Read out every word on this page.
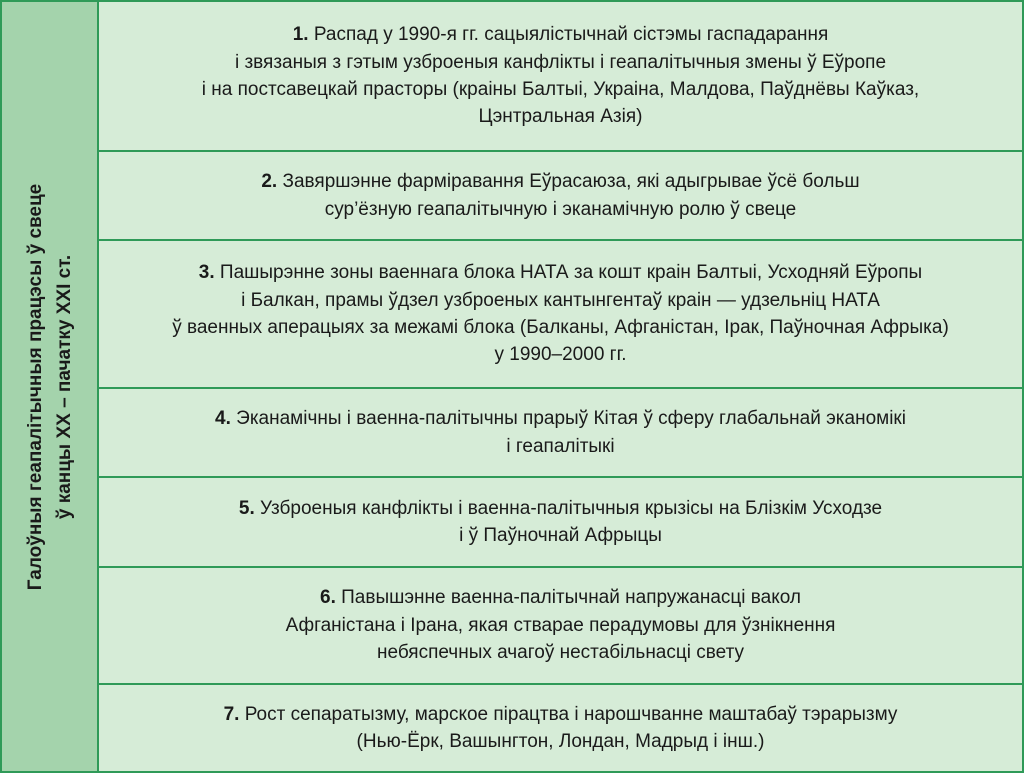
Галоўныя геапалітычныя працэсы ў свеце ў канцы XX – пачатку XXI ст.
1. Распад у 1990-я гг. сацыялістычнай сістэмы гаспадарання
і звязаныя з гэтым узброеныя канфлікты і геапалітычныя змены ў Еўропе
і на постсавецкай прасторы (краіны Балтыі, Украіна, Малдова, Паўднёвы Каўказ,
Цэнтральная Азія)
2. Завяршэнне фарміравання Еўрасаюза, які адыгрывае ўсё больш
сур’ёзную геапалітычную і эканамічную ролю ў свеце
3. Пашырэнне зоны ваеннага блока НАТА за кошт краін Балтыі, Усходняй Еўропы
і Балкан, прамы ўдзел узброеных кантынгентаў краін — удзельніц НАТА
ў ваенных аперацыях за межамі блока (Балканы, Афганістан, Ірак, Паўночная Афрыка)
у 1990–2000 гг.
4. Эканамічны і ваенна-палітычны прарыў Кітая ў сферу глабальнай эканомікі
і геапалітыкі
5. Узброеныя канфлікты і ваенна-палітычныя крызісы на Блізкім Усходзе
і ў Паўночнай Афрыцы
6. Павышэнне ваенна-палітычнай напружанасці вакол
Афганістана і Ірана, якая стварае перадумовы для ўзнікнення
небяспечных ачагоў нестабільнасці свету
7. Рост сепаратызму, марское пірацтва і нарошчванне маштабаў тэрарызму
(Нью-Ёрк, Вашынгтон, Лондан, Мадрыд і інш.)
